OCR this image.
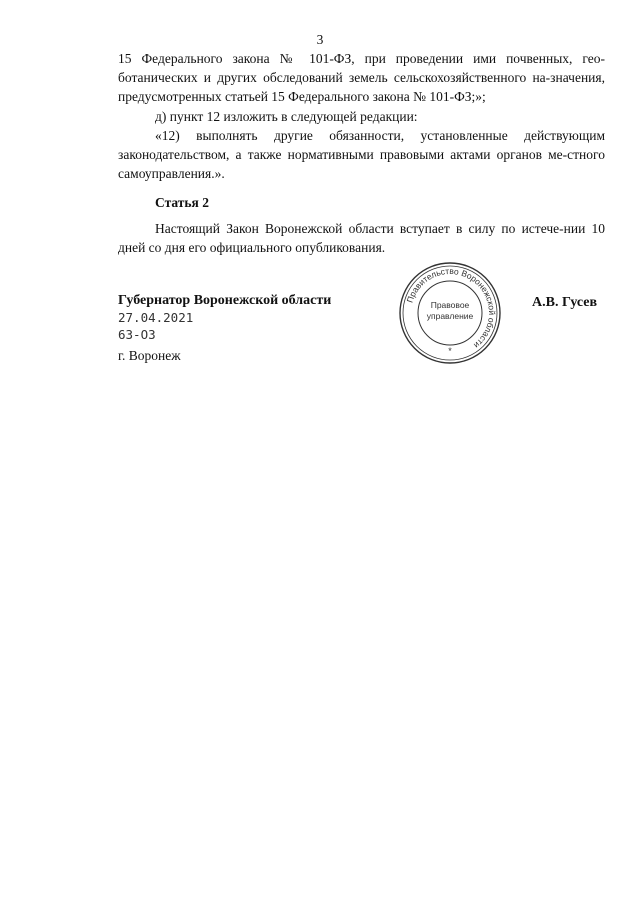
3

15 Федерального закона № 101-ФЗ, при проведении ими почвенных, гео-ботанических и других обследований земель сельскохозяйственного на-значения, предусмотренных статьей 15 Федерального закона № 101-ФЗ;»;

д) пункт 12 изложить в следующей редакции:

«12) выполнять другие обязанности, установленные действующим законодательством, а также нормативными правовыми актами органов ме-стного самоуправления.».

Статья 2

Настоящий Закон Воронежской области вступает в силу по истече-нии 10 дней со дня его официального опубликования.

Губернатор Воронежской области
27.04.2021
63-ОЗ
г. Воронеж
А.В. Гусев
Правительство Воронежской области
Правовое
управление
*
